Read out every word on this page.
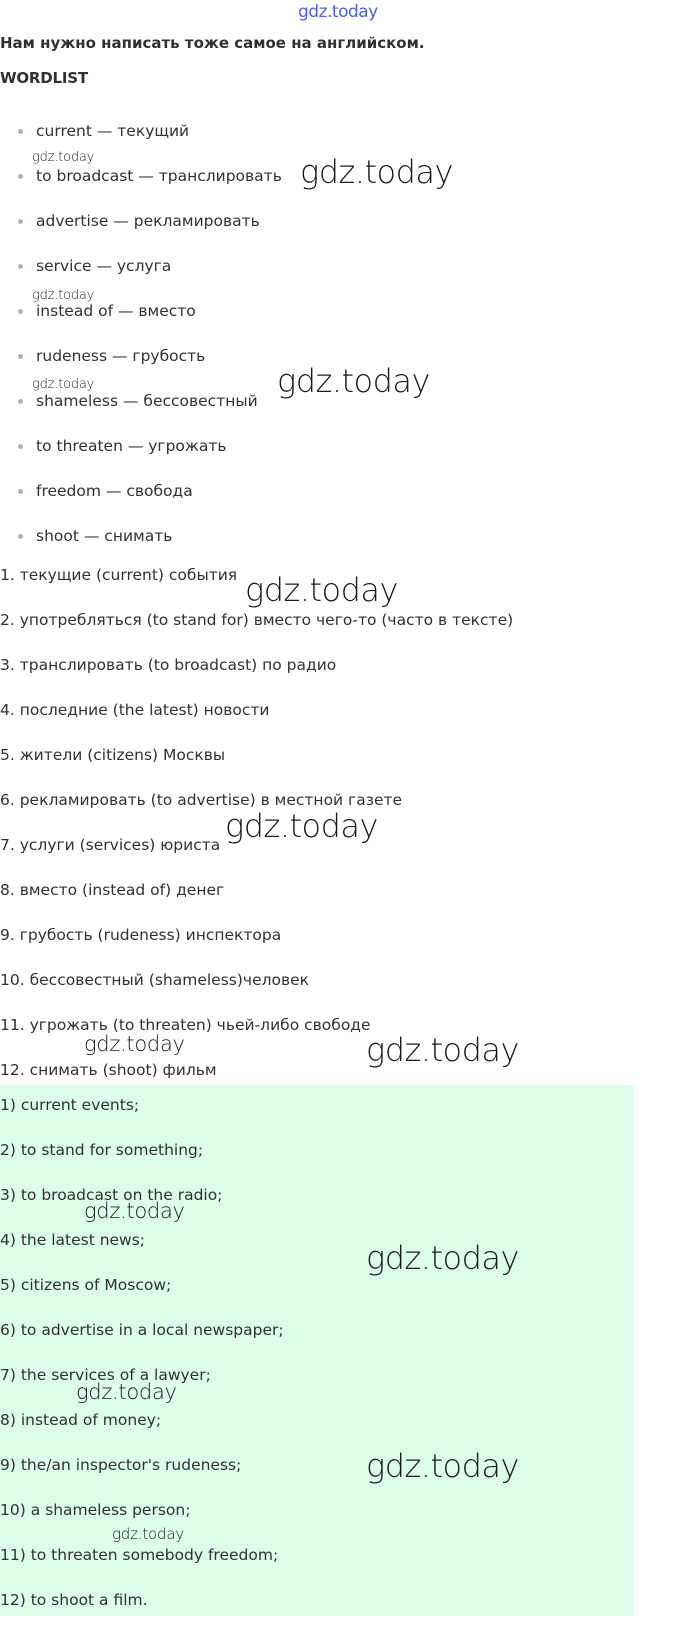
gdz.today
Нам нужно написать тоже самое на английском.
WORDLIST
current — текущий
to broadcast — транслировать
advertise — рекламировать
service — услуга
instead of — вместо
rudeness — грубость
shameless — бессовестный
to threaten — угрожать
freedom — свобода
shoot — снимать
1. текущие (current) события
2. употребляться (to stand for) вместо чего-то (часто в тексте)
3. транслировать (to broadcast) по радио
4. последние (the latest) новости
5. жители (citizens) Москвы
6. рекламировать (to advertise) в местной газете
7. услуги (services) юриста
8. вместо (instead of) денег
9. грубость (rudeness) инспектора
10. бессовестный (shameless)человек
11. угрожать (to threaten) чьей-либо свободе
12. снимать (shoot) фильм
1) current events;
2) to stand for something;
3) to broadcast on the radio;
4) the latest news;
5) citizens of Moscow;
6) to advertise in a local newspaper;
7) the services of a lawyer;
8) instead of money;
9) the/an inspector's rudeness;
10) a shameless person;
11) to threaten somebody freedom;
12) to shoot a film.
gdz.today	gdz.today
gdz.today
gdz.today	gdz.today
gdz.today
gdz.today
gdz.today	gdz.today
gdz.today
gdz.today
gdz.today
gdz.today
gdz.today
